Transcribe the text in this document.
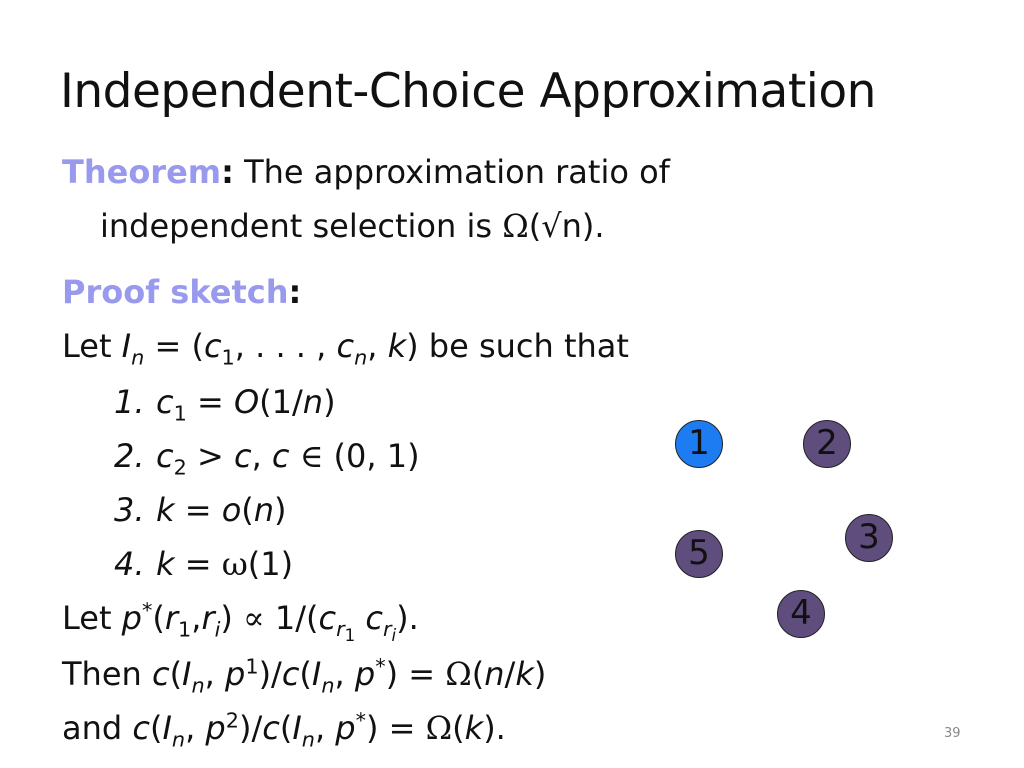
Independent-Choice Approximation
Theorem: The approximation ratio of
independent selection is Ω(√n).
Proof sketch:
Let $I_n = (c_1$, . . . , $c_n$, k) be such that
1. $c_1 = O(1/n)$
2. $c_2 > c$, c ∈ (0, 1)
3. k = o(n)
4. k = ω(1)
Let $p^*(r_1,r_i) \propto 1/(c_{r_1}$ $c_{r_i}$).
Then $c(I_n$, $p^1)/c(I_n$, p*) = Ω(n/k)
and $c(I_n$, $p^2)/c(I_n$, p*) = Ω(k).
1	2
3
4
5
39
